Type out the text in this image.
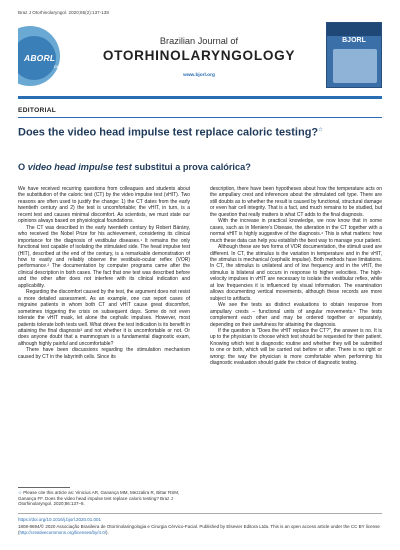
Braz J Otorhinolaryngol. 2020;86(2):137-138
ABORL
CCF
Brazilian Journal of
OTORHINOLARYNGOLOGY
www.bjorl.org
BJORL
EDITORIAL
Does the video head impulse test replace caloric testing?☆
O video head impulse test substitui a prova calórica?

We have received recurring questions from colleagues and students about the substitution of the caloric test (CT) by the video impulse test (vHIT). Two reasons are often used to justify the change: 1) the CT dates from the early twentieth century and 2) the test is uncomfortable; the vHIT, in turn, is a recent test and causes minimal discomfort. As scientists, we must state our opinions always based on physiological foundations.

The CT was described in the early twentieth century by Robert Bárány, who received the Nobel Prize for his achievement, considering its clinical importance for the diagnosis of vestibular diseases.¹ It remains the only functional test capable of isolating the stimulated side. The head impulse test (HIT), described at the end of the century, is a remarkable demonstration of how to easily and reliably observe the vestibulo-ocular reflex (VOR) performance.² The documentation by computer programs came after the clinical description in both cases. The fact that one test was described before and the other after does not interfere with its clinical indication and applicability.

Regarding the discomfort caused by the test, the argument does not resist a more detailed assessment. As an example, one can report cases of migraine patients in whom both CT and vHIT cause great discomfort, sometimes triggering the crisis on subsequent days. Some do not even tolerate the vHIT mask, let alone the cephalic impulses. However, most patients tolerate both tests well. What drives the test indication is its benefit in attaining the final diagnosis³ and not whether it is uncomfortable or not. Or does anyone doubt that a mammogram is a fundamental diagnostic exam, although highly painful and uncomfortable?

There have been discussions regarding the stimulation mechanism caused by CT in the labyrinth cells. Since its

description, there have been hypotheses about how the temperature acts on the ampullary crest and inferences about the stimulated cell type. There are still doubts as to whether the result is caused by functional, structural damage or even hair cell integrity. That is a fact, and much remains to be studied, but the question that really matters is what CT adds to the final diagnosis.

With the increase in practical knowledge, we now know that in some cases, such as in Meniere's Disease, the alteration in the CT together with a normal vHIT is highly suggestive of the diagnosis.⁴ This is what matters: how much these data can help you establish the best way to manage your patient.

Although these are two forms of VOR documentation, the stimuli used are different. In CT, the stimulus is the variation in temperature and in the vHIT, the stimulus is mechanical (cephalic impulse). Both methods have limitations. In CT, the stimulus is unilateral and of low frequency and in the vHIT, the stimulus is bilateral and occurs in response to higher velocities. The high-velocity impulses in vHIT are necessary to isolate the vestibular reflex, while at low frequencies it is influenced by visual information. The examination allows documenting vertical movements, although these records are more subject to artifacts.

We see the tests as distinct evaluations to obtain response from ampullary crests – functional units of angular movements.⁵ The tests complement each other and may be ordered together or separately, depending on their usefulness for attaining the diagnosis.

If the question is "Does the vHIT replace the CT?", the answer is no. It is up to the physician to choose which test should be requested for their patient. Knowing which test is diagnostic routine and whether they will be submitted to one or both, which will be carried out before or after. There is no right or wrong: the way the physician is more comfortable when performing his diagnostic evaluation should guide the choice of diagnostic testing.

☆ Please cite this article as: Vinicius AR, Ganança MM, Mezzalira R, Bittar RSM, Ganança FF. Does the video head impulse test replace caloric testing? Braz J Otorhinolaryngol. 2020;86:137–8.
https://doi.org/10.1016/j.bjorl.2020.01.001
1808-8694/© 2020 Associação Brasileira de Otorrinolaringologia e Cirurgia Cérvico-Facial. Published by Elsevier Editora Ltda. This is an open access article under the CC BY license (http://creativecommons.org/licenses/by/4.0/).
